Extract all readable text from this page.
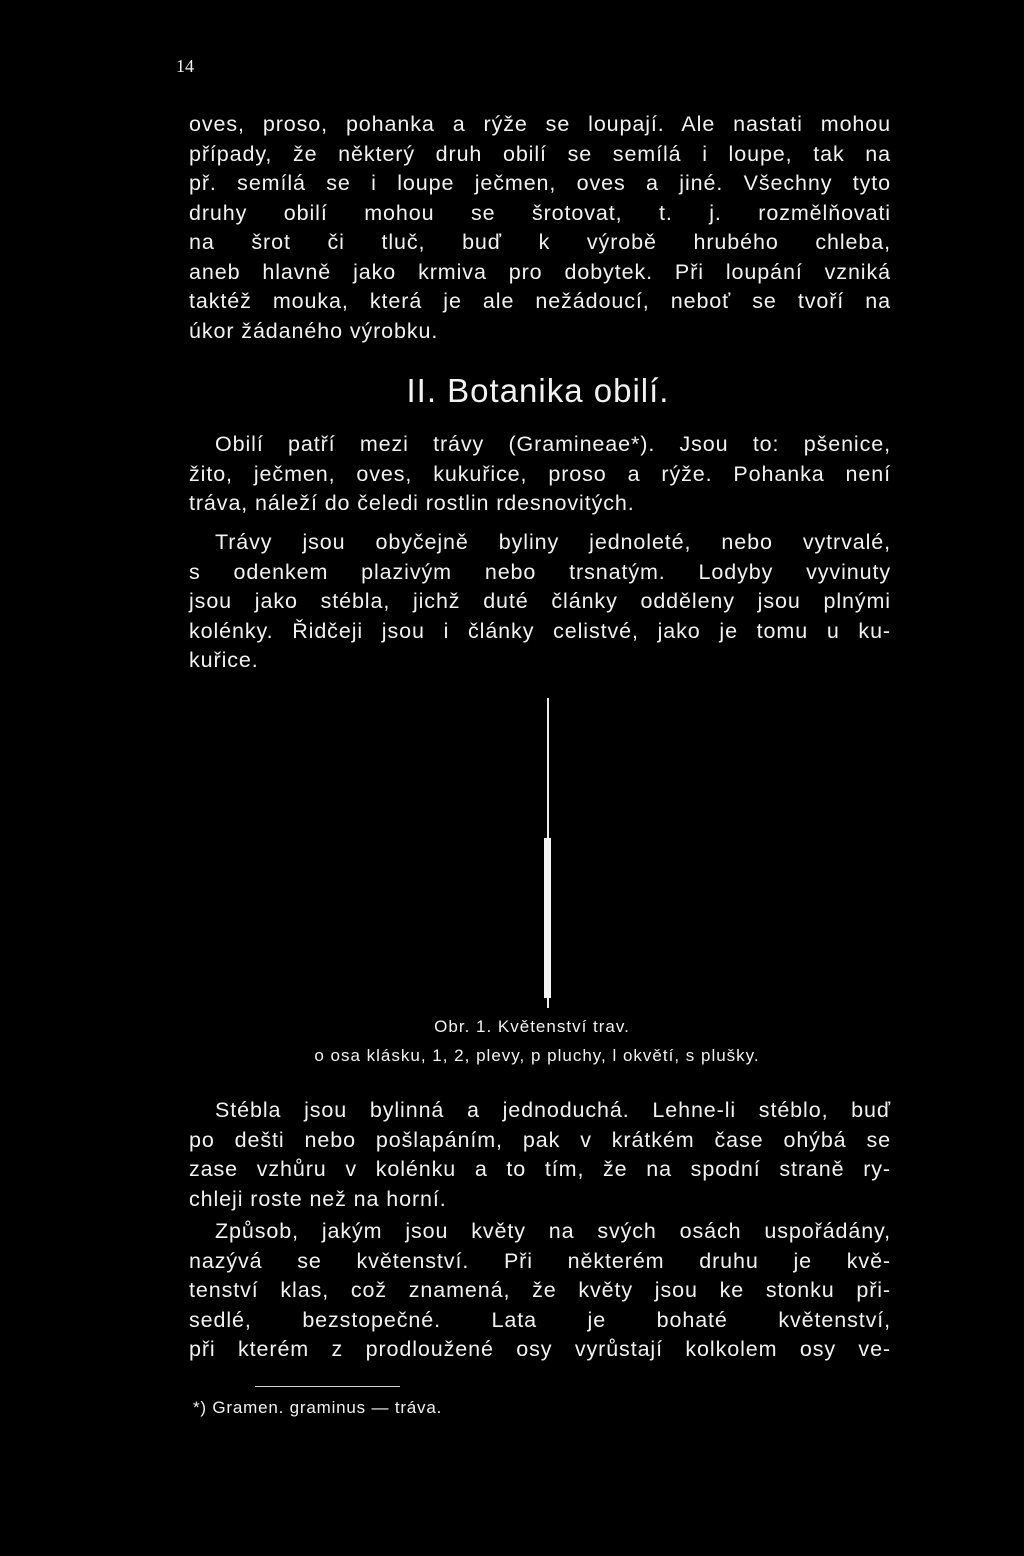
14
oves, proso, pohanka a rýže se loupají. Ale nastati mohou
případy, že některý druh obilí se semílá i loupe, tak na
př. semílá se i loupe ječmen, oves a jiné. Všechny tyto
druhy obilí mohou se šrotovat, t. j. rozmělňovati
na šrot či tluč, buď k výrobě hrubého chleba,
aneb hlavně jako krmiva pro dobytek. Při loupání vzniká
taktéž mouka, která je ale nežádoucí, neboť se tvoří na
úkor žádaného výrobku.
II. Botanika obilí.
Obilí patří mezi trávy (Gramineae*). Jsou to: pšenice,
žito, ječmen, oves, kukuřice, proso a rýže. Pohanka není
tráva, náleží do čeledi rostlin rdesnovitých.
Trávy jsou obyčejně byliny jednoleté, nebo vytrvalé,
s odenkem plazivým nebo trsnatým. Lodyby vyvinuty
jsou jako stébla, jichž duté články odděleny jsou plnými
kolénky. Řidčeji jsou i články celistvé, jako je tomu u ku-
kuřice.
Obr. 1. Květenství trav.
o osa klásku, 1, 2, plevy, p pluchy, l okvětí, s plušky.
Stébla jsou bylinná a jednoduchá. Lehne-li stéblo, buď
po dešti nebo pošlapáním, pak v krátkém čase ohýbá se
zase vzhůru v kolénku a to tím, že na spodní straně ry-
chleji roste než na horní.
Způsob, jakým jsou květy na svých osách uspořádány,
nazývá se květenství. Při některém druhu je kvě-
tenství klas, což znamená, že květy jsou ke stonku při-
sedlé, bezstopečné. Lata je bohaté květenství,
při kterém z prodloužené osy vyrůstají kolkolem osy ve-
*) Gramen. graminus — tráva.
